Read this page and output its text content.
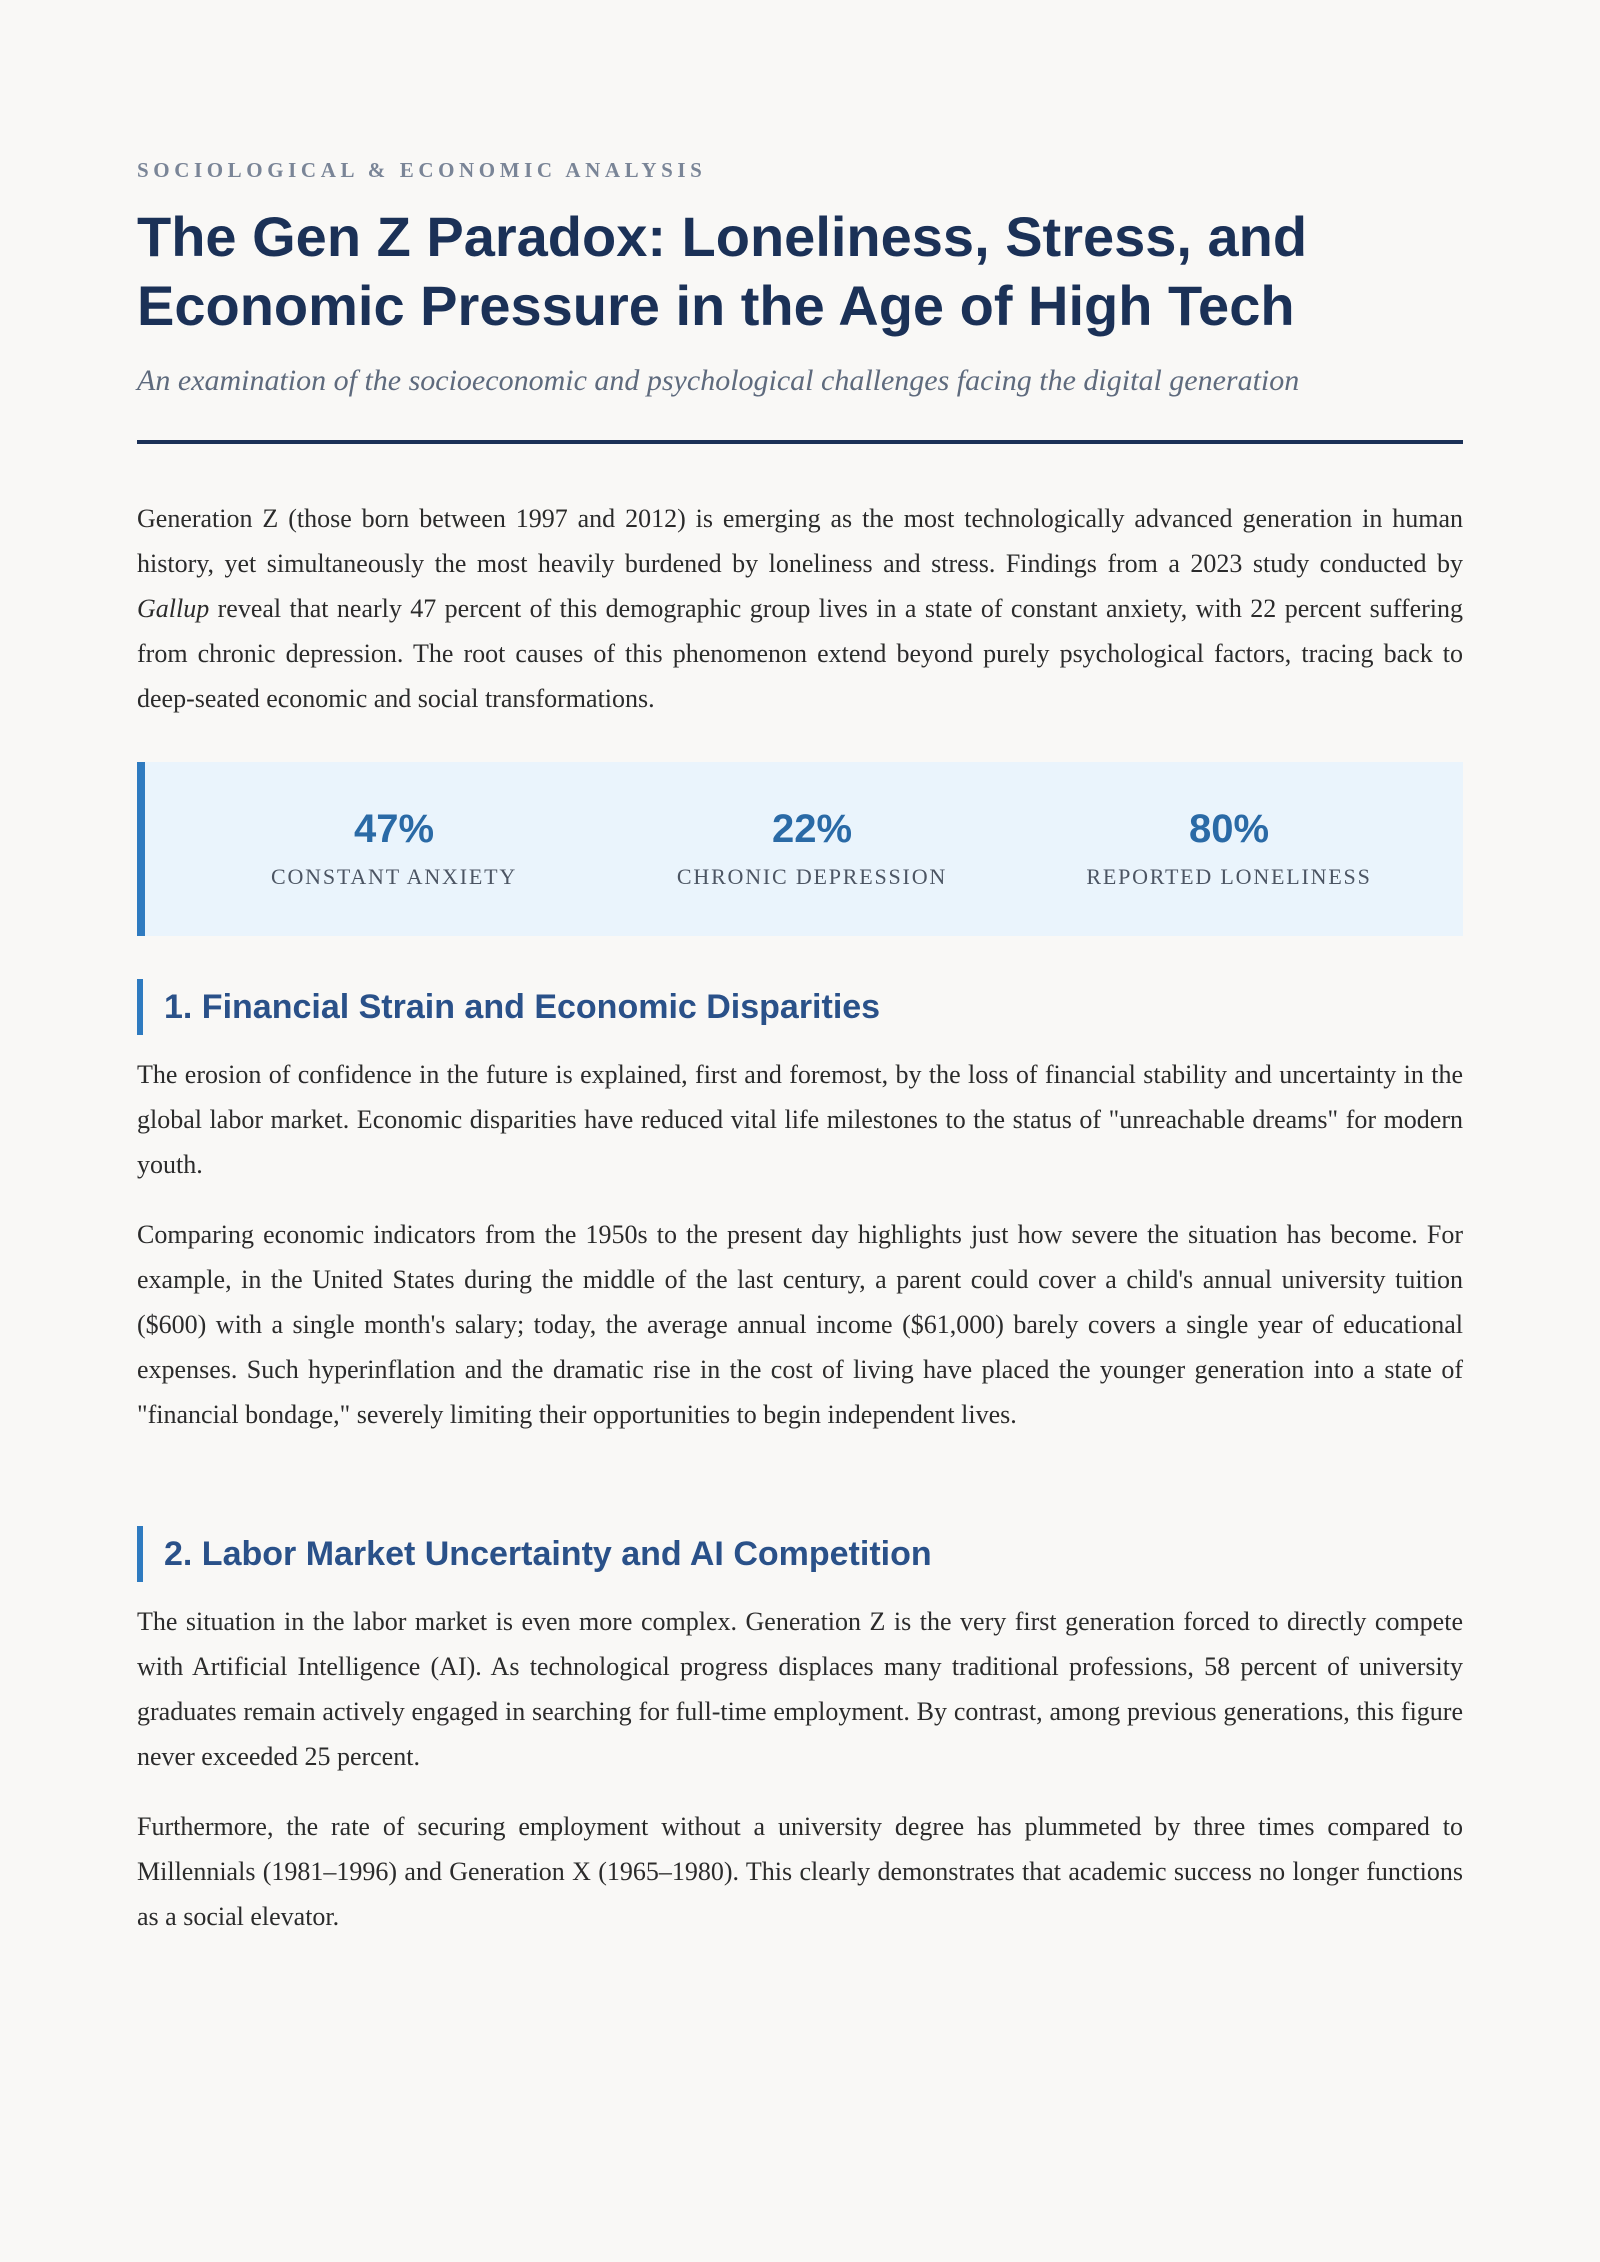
SOCIOLOGICAL & ECONOMIC ANALYSIS
The Gen Z Paradox: Loneliness, Stress, and Economic Pressure in the Age of High Tech
An examination of the socioeconomic and psychological challenges facing the digital generation

Generation Z (those born between 1997 and 2012) is emerging as the most technologically advanced generation in human history, yet simultaneously the most heavily burdened by loneliness and stress. Findings from a 2023 study conducted by Gallup reveal that nearly 47 percent of this demographic group lives in a state of constant anxiety, with 22 percent suffering from chronic depression. The root causes of this phenomenon extend beyond purely psychological factors, tracing back to deep-seated economic and social transformations.

47%
CONSTANT ANXIETY
22%
CHRONIC DEPRESSION
80%
REPORTED LONELINESS
1. Financial Strain and Economic Disparities

The erosion of confidence in the future is explained, first and foremost, by the loss of financial stability and uncertainty in the global labor market. Economic disparities have reduced vital life milestones to the status of "unreachable dreams" for modern youth.

Comparing economic indicators from the 1950s to the present day highlights just how severe the situation has become. For example, in the United States during the middle of the last century, a parent could cover a child's annual university tuition ($600) with a single month's salary; today, the average annual income ($61,000) barely covers a single year of educational expenses. Such hyperinflation and the dramatic rise in the cost of living have placed the younger generation into a state of "financial bondage," severely limiting their opportunities to begin independent lives.

2. Labor Market Uncertainty and AI Competition

The situation in the labor market is even more complex. Generation Z is the very first generation forced to directly compete with Artificial Intelligence (AI). As technological progress displaces many traditional professions, 58 percent of university graduates remain actively engaged in searching for full-time employment. By contrast, among previous generations, this figure never exceeded 25 percent.

Furthermore, the rate of securing employment without a university degree has plummeted by three times compared to Millennials (1981–1996) and Generation X (1965–1980). This clearly demonstrates that academic success no longer functions as a social elevator.
